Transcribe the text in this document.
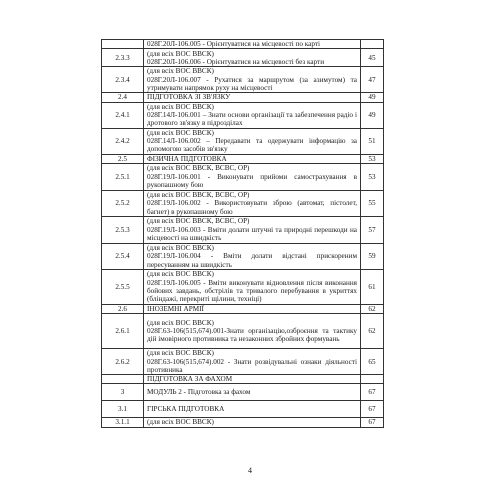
	028Г.20Л-106.005 - Орієнтуватися на місцевості по карті	

2.3.3	(для всіх ВОС ВВСК)
028Г.20Л-106.006 - Орієнтуватися на місцевості без карти	45
2.3.4	(для всіх ВОС ВВСК)
028Г.20Л-106.007 - Рухатися за маршрутом (за азимутом) та утримувати напрямок руху на місцевості	47
2.4	ПІДГОТОВКА ЗІ ЗВ'ЯЗКУ	49
2.4.1	(для всіх ВОС ВВСК)
028Г.14Л-106.001 – Знати основи організації та забезпечення радіо і дротового зв'язку в підрозділах	49
2.4.2	(для всіх ВОС ВВСК)
028Г.14Л-106.002 – Передавати та одержувати інформацію за допомогою засобів зв'язку	51
2.5	ФІЗИЧНА ПІДГОТОВКА	53
2.5.1	(для всіх ВОС ВВСК, ВСВС, ОР)
028Г.19Л-106.001 - Виконувати прийоми самострахування в рукопашному бою	53
2.5.2	(для всіх ВОС ВВСК, ВСВС, ОР)
028Г.19Л-106.002 - Використовувати зброю (автомат, пістолет, багнет) в рукопашному бою	55
2.5.3	(для всіх ВОС ВВСК, ВСВС, ОР)
028Г.19Л-106.003 - Вміти долати штучні та природні перешкоди на місцевості на швидкість	57
2.5.4	(для всіх ВОС ВВСК)
028Г.19Л-106.004 - Вміти долати відстані прискореним пересуванням на швидкість	59
2.5.5	(для всіх ВОС ВВСК)
028Г.19Л-106.005 - Вміти виконувати відновлення після виконання бойових завдань, обстрілів та тривалого перебування в укриттях (бліндажі, перекриті щілини, техніці)	61
2.6	ІНОЗЕМНІ АРМІЇ	62
2.6.1	(для всіх ВОС ВВСК)
028Г.63-106(515,674).001-Знати організацію,озброєння та тактику дій імовірного противника та незаконних збройних формувань	62
2.6.2	(для всіх ВОС ВВСК)
028Г.63-106(515,674).002 - Знати розвідувальні ознаки діяльності противника	65

	ПІДГОТОВКА ЗА ФАХОМ	

3	МОДУЛЬ 2 - Підготовка за фахом	67
3.1	ГІРСЬКА ПІДГОТОВКА	67
3.1.1	(для всіх ВОС ВВСК)	67
4
